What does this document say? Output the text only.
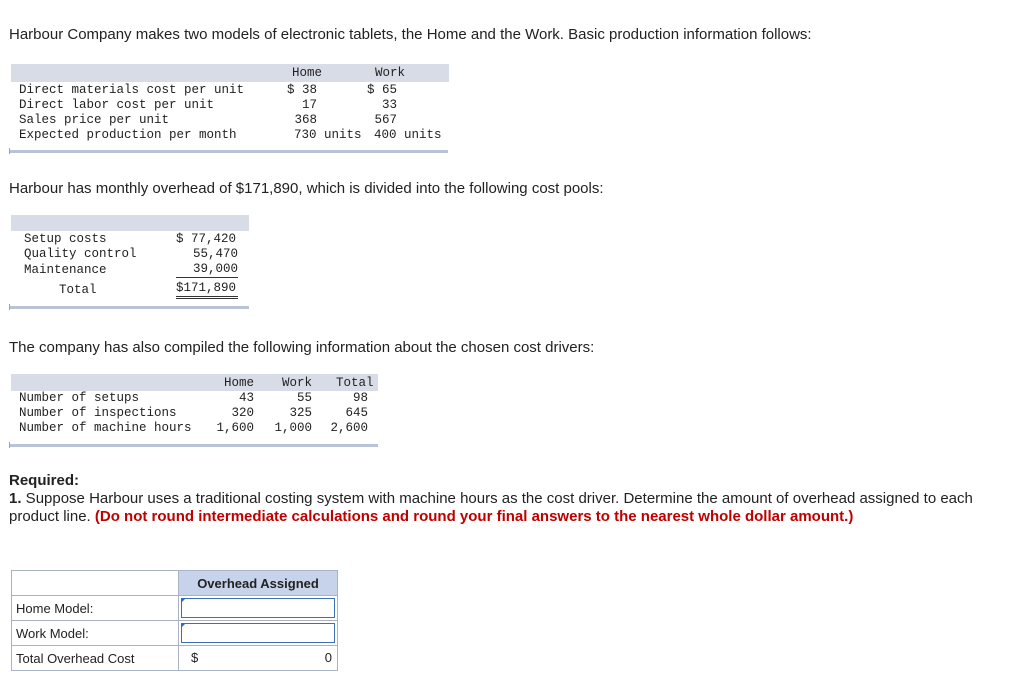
Harbour Company makes two models of electronic tablets, the Home and the Work. Basic production information follows:

Home	Work
Direct materials cost per unit	$ 38	$ 65
Direct labor cost per unit	17	33
Sales price per unit	368	567
Expected production per month	730 units 400 units

Harbour has monthly overhead of $171,890, which is divided into the following cost pools:

Setup costs	$ 77,420
Quality control	55,470
Maintenance	39,000
Total	$171,890

The company has also compiled the following information about the chosen cost drivers:

Home Work Total
Number of setups	43	55	98
Number of inspections	320	325	645
Number of machine hours 1,600 1,000 2,600
Required:
1. Suppose Harbour uses a traditional costing system with machine hours as the cost driver. Determine the amount of overhead assigned to each product line. (Do not round intermediate calculations and round your final answers to the nearest whole dollar amount.)
	Overhead Assigned
Home Model:	

Work Model:	

Total Overhead Cost	$ 0
